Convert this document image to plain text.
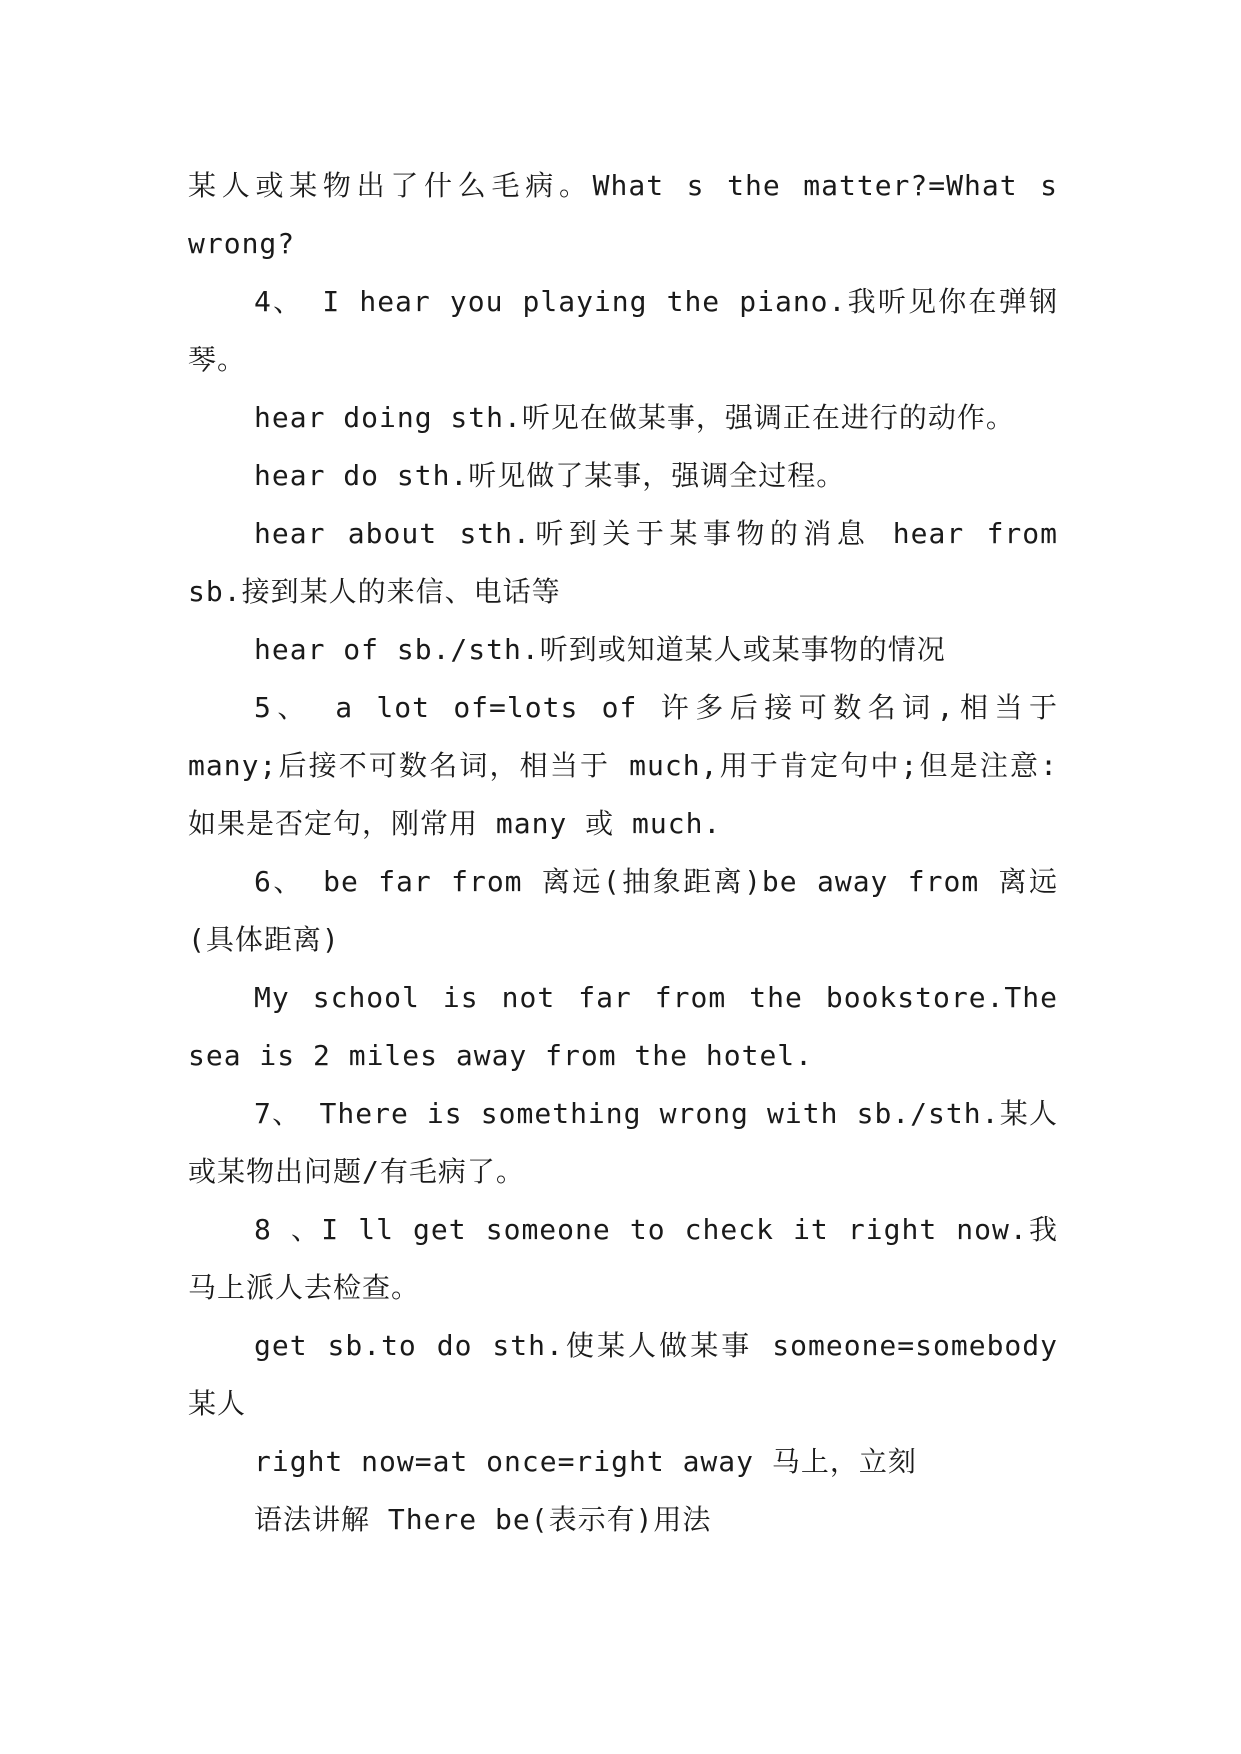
某人或某物出了什么毛病。What s the matter?=What s wrong?

4、 I hear you playing the piano.我听见你在弹钢琴。

hear doing sth.听见在做某事，强调正在进行的动作。

hear do sth.听见做了某事，强调全过程。

hear about sth.听到关于某事物的消息 hear from sb.接到某人的来信、电话等

hear of sb./sth.听到或知道某人或某事物的情况

5、 a lot of=lots of 许多后接可数名词,相当于 many;后接不可数名词，相当于 much,用于肯定句中;但是注意:如果是否定句，刚常用 many 或 much.

6、 be far from 离远(抽象距离)be away from 离远(具体距离)

My school is not far from the bookstore.The sea is 2 miles away from the hotel.

7、 There is something wrong with sb./sth.某人或某物出问题/有毛病了。

8 、I ll get someone to check it right now.我马上派人去检查。

get sb.to do sth.使某人做某事 someone=somebody 某人

right now=at once=right away 马上，立刻

语法讲解 There be(表示有)用法
